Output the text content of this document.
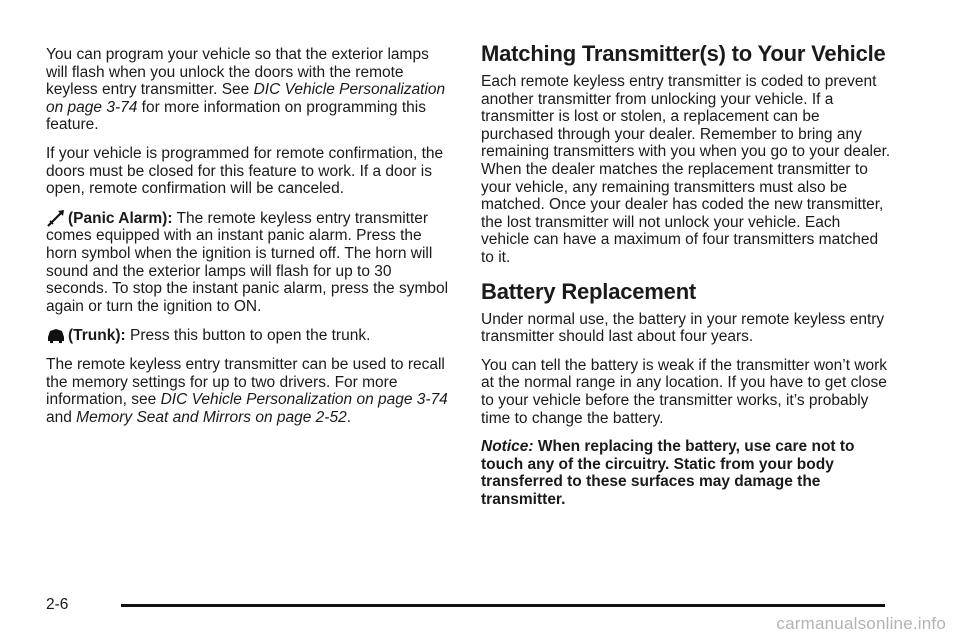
You can program your vehicle so that the exterior lamps will flash when you unlock the doors with the remote keyless entry transmitter. See DIC Vehicle Personalization on page 3-74 for more information on programming this feature.

If your vehicle is programmed for remote confirmation, the doors must be closed for this feature to work. If a door is open, remote confirmation will be canceled.

(Panic Alarm): The remote keyless entry transmitter comes equipped with an instant panic alarm. Press the horn symbol when the ignition is turned off. The horn will sound and the exterior lamps will flash for up to 30 seconds. To stop the instant panic alarm, press the symbol again or turn the ignition to ON.

(Trunk): Press this button to open the trunk.

The remote keyless entry transmitter can be used to recall the memory settings for up to two drivers. For more information, see DIC Vehicle Personalization on page 3-74 and Memory Seat and Mirrors on page 2-52.

Matching Transmitter(s) to Your Vehicle

Each remote keyless entry transmitter is coded to prevent another transmitter from unlocking your vehicle. If a transmitter is lost or stolen, a replacement can be purchased through your dealer. Remember to bring any remaining transmitters with you when you go to your dealer. When the dealer matches the replacement transmitter to your vehicle, any remaining transmitters must also be matched. Once your dealer has coded the new transmitter, the lost transmitter will not unlock your vehicle. Each vehicle can have a maximum of four transmitters matched to it.

Battery Replacement

Under normal use, the battery in your remote keyless entry transmitter should last about four years.

You can tell the battery is weak if the transmitter won’t work at the normal range in any location. If you have to get close to your vehicle before the transmitter works, it’s probably time to change the battery.

Notice: When replacing the battery, use care not to touch any of the circuitry. Static from your body transferred to these surfaces may damage the transmitter.

2-6
carmanualsonline.info
